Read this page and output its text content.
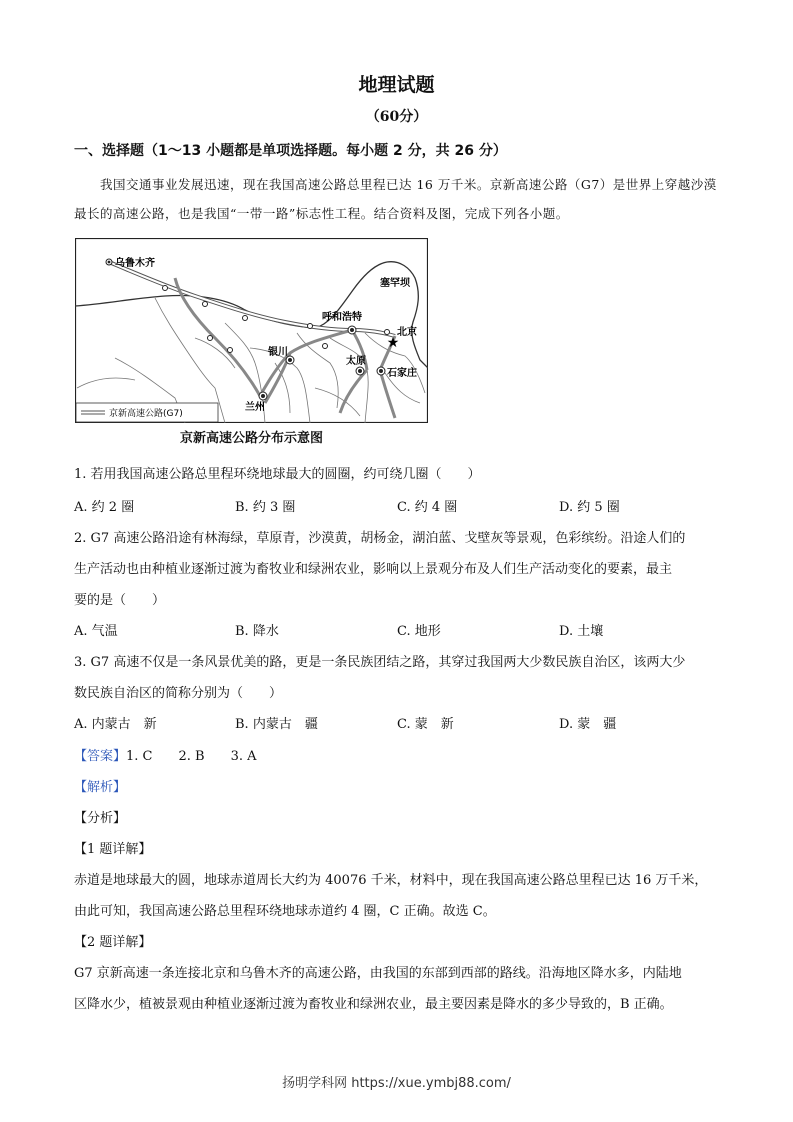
地理试题
（60分）
一、选择题（1～13 小题都是单项选择题。每小题 2 分，共 26 分）
我国交通事业发展迅速，现在我国高速公路总里程已达 16 万千米。京新高速公路（G7）是世界上穿越沙漠最长的高速公路，也是我国“一带一路”标志性工程。结合资料及图，完成下列各小题。
★
乌鲁木齐
塞罕坝
呼和浩特
北京
银川
太原
石家庄
兰州
京新高速公路(G7)
京新高速公路分布示意图
1. 若用我国高速公路总里程环绕地球最大的圆圈，约可绕几圈（　　）
A. 约 2 圈	B. 约 3 圈	C. 约 4 圈	D. 约 5 圈
2. G7 高速公路沿途有林海绿，草原青，沙漠黄，胡杨金，湖泊蓝、戈壁灰等景观，色彩缤纷。沿途人们的
生产活动也由种植业逐渐过渡为畜牧业和绿洲农业，影响以上景观分布及人们生产活动变化的要素，最主
要的是（　　）
A. 气温	B. 降水	C. 地形	D. 土壤
3. G7 高速不仅是一条风景优美的路，更是一条民族团结之路，其穿过我国两大少数民族自治区，该两大少
数民族自治区的简称分别为（　　）
A. 内蒙古　新	B. 内蒙古　疆	C. 蒙　新	D. 蒙　疆
【答案】1. C　　2. B　　3. A
【解析】
【分析】
【1 题详解】
赤道是地球最大的圆，地球赤道周长大约为 40076 千米，材料中，现在我国高速公路总里程已达 16 万千米，
由此可知，我国高速公路总里程环绕地球赤道约 4 圈，C 正确。故选 C。
【2 题详解】
G7 京新高速一条连接北京和乌鲁木齐的高速公路，由我国的东部到西部的路线。沿海地区降水多，内陆地
区降水少，植被景观由种植业逐渐过渡为畜牧业和绿洲农业，最主要因素是降水的多少导致的，B 正确。
扬明学科网 https://xue.ymbj88.com/
